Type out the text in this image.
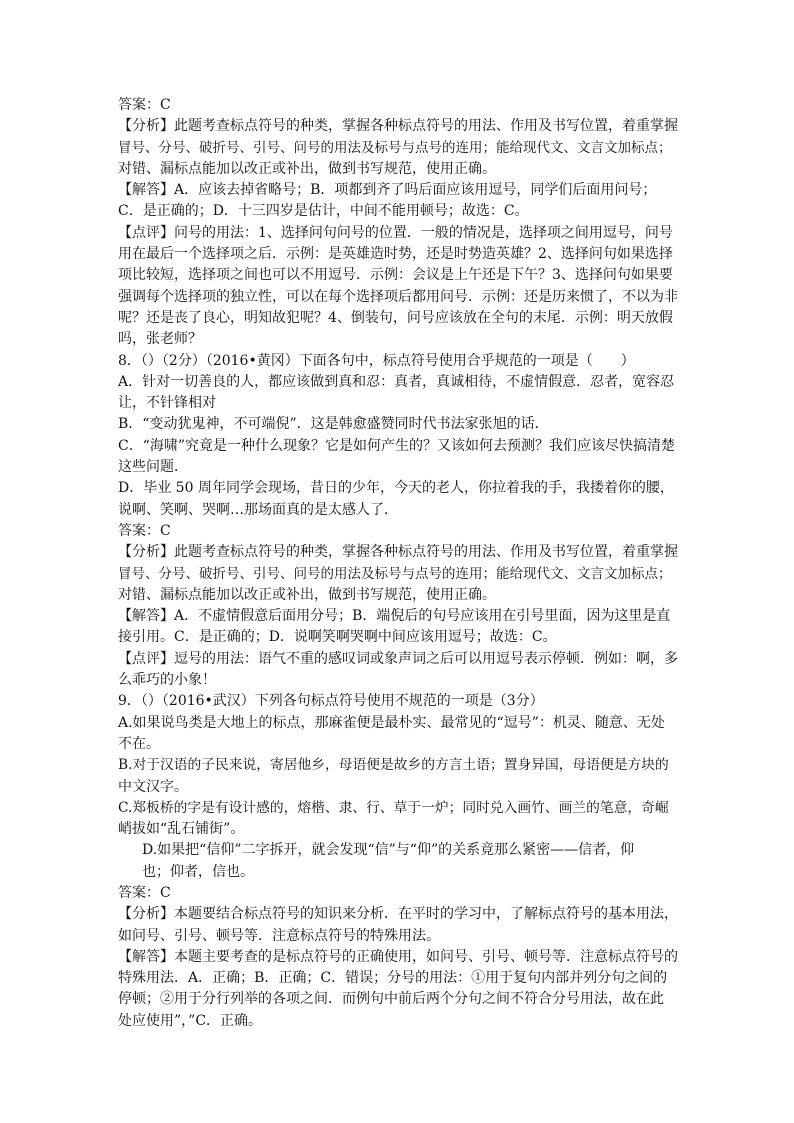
答案：C
【分析】此题考查标点符号的种类，掌握各种标点符号的用法、作用及书写位置，着重掌握
冒号、分号、破折号、引号、问号的用法及标号与点号的连用；能给现代文、文言文加标点；
对错、漏标点能加以改正或补出，做到书写规范，使用正确。
【解答】A．应该去掉省略号；B．项都到齐了吗后面应该用逗号，同学们后面用问号；
C．是正确的；D．十三四岁是估计，中间不能用顿号；故选：C。
【点评】问号的用法：1、选择问句问号的位置．一般的情况是，选择项之间用逗号，问号
用在最后一个选择项之后．示例：是英雄造时势，还是时势造英雄？2、选择问句如果选择
项比较短，选择项之间也可以不用逗号．示例：会议是上午还是下午？3、选择问句如果要
强调每个选择项的独立性，可以在每个选择项后都用问号．示例：还是历来惯了，不以为非
呢？还是丧了良心，明知故犯呢？4、倒装句，问号应该放在全句的末尾．示例：明天放假
吗，张老师？
8．（）（2分）（2016•黄冈）下面各句中，标点符号使用合乎规范的一项是（　　）
A．针对一切善良的人，都应该做到真和忍：真者，真诚相待，不虚情假意．忍者，宽容忍
让，不针锋相对
B．“变动犹鬼神，不可端倪”．这是韩愈盛赞同时代书法家张旭的话．
C．“海啸”究竟是一种什么现象？它是如何产生的？又该如何去预测？我们应该尽快搞清楚
这些问题．
D．毕业 50 周年同学会现场，昔日的少年，今天的老人，你拉着我的手，我搂着你的腰，
说啊、笑啊、哭啊…那场面真的是太感人了．
答案：C
【分析】此题考查标点符号的种类，掌握各种标点符号的用法、作用及书写位置，着重掌握
冒号、分号、破折号、引号、问号的用法及标号与点号的连用；能给现代文、文言文加标点；
对错、漏标点能加以改正或补出，做到书写规范，使用正确。
【解答】A．不虚情假意后面用分号；B．端倪后的句号应该用在引号里面，因为这里是直
接引用。C．是正确的；D．说啊笑啊哭啊中间应该用逗号；故选：C。
【点评】逗号的用法：语气不重的感叹词或象声词之后可以用逗号表示停顿．例如：啊，多
么乖巧的小象！
9．（）（2016•武汉）下列各句标点符号使用不规范的一项是（3分）
A.如果说鸟类是大地上的标点，那麻雀便是最朴实、最常见的“逗号”：机灵、随意、无处
不在。
B.对于汉语的子民来说，寄居他乡，母语便是故乡的方言土语；置身异国，母语便是方块的
中文汉字。
C.郑板桥的字是有设计感的，熔楷、隶、行、草于一炉；同时兑入画竹、画兰的笔意，奇崛
峭拔如“乱石铺街”。
D.如果把“信仰”二字拆开，就会发现“信”与“仰”的关系竟那么紧密——信者，仰
也；仰者，信也。
答案：C
【分析】本题要结合标点符号的知识来分析．在平时的学习中，了解标点符号的基本用法，
如问号、引号、顿号等．注意标点符号的特殊用法。
【解答】本题主要考查的是标点符号的正确使用，如问号、引号、顿号等．注意标点符号的
特殊用法．A．正确；B．正确；C．错误；分号的用法：①用于复句内部并列分句之间的
停顿；②用于分行列举的各项之间．而例句中前后两个分句之间不符合分号用法，故在此
处应使用”，”C．正确。
